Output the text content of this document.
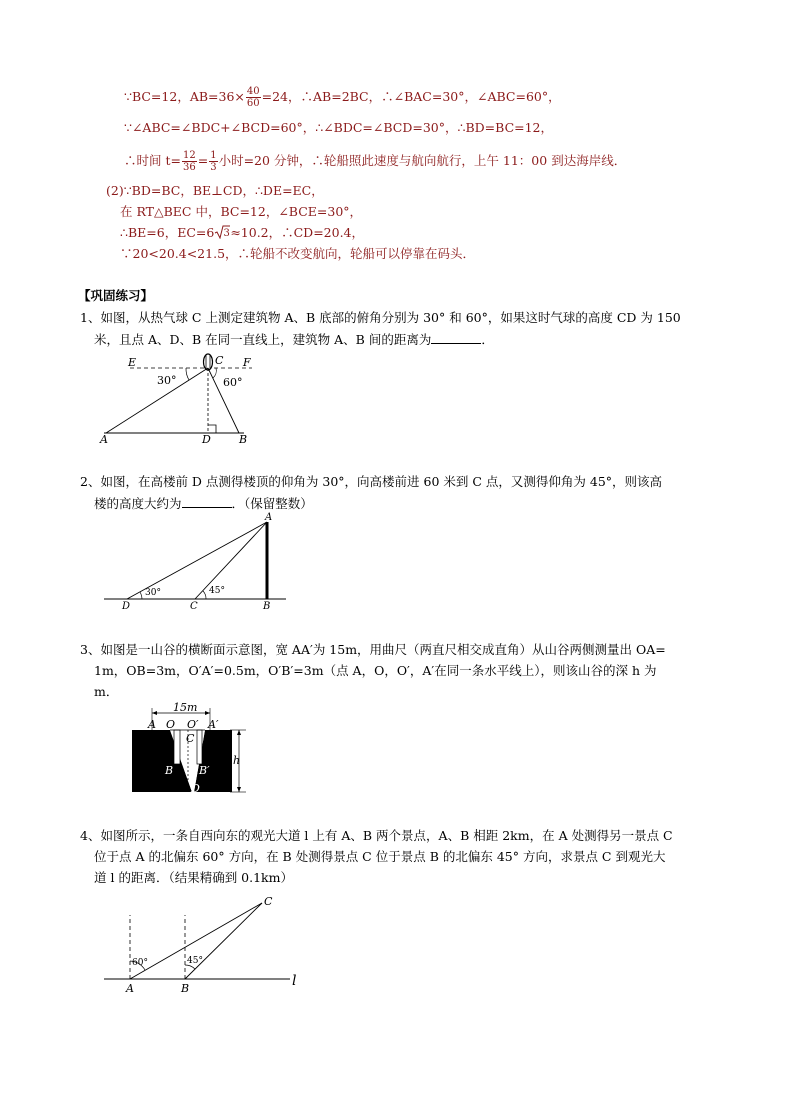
∵BC=12，$AB=36\times \frac{40}{60} =24$，∴AB=2BC，∴∠BAC=30°，∠ABC=60°，
∵∠ABC=∠BDC+∠BCD=60°，∴∠BDC=∠BCD=30°，∴BD=BC=12，
∴时间 $t= \frac{12}{36} = \frac{1}{3}$ 小时=20 分钟，∴轮船照此速度与航向航行，上午 11：00 到达海岸线．
(2)∵BD=BC，BE⊥CD，∴DE=EC，
在 RT△BEC 中，BC=12，∠BCE=30°，
∴BE=6，EC=6 3 ≈10.2，∴CD=20.4，
∵20<20.4<21.5，∴轮船不改变航向，轮船可以停靠在码头．
【巩固练习】
1、如图，从热气球 C 上测定建筑物 A、B 底部的俯角分别为 30° 和 60°，如果这时气球的高度 CD 为 150
米，且点 A、D、B 在同一直线上，建筑物 A、B 间的距离为	．
E	C F
30°	60°
A	D	B
2、如图，在高楼前 D 点测得楼顶的仰角为 30°，向高楼前进 60 米到 C 点，又测得仰角为 45°，则该高
楼的高度大约为	．（保留整数）
A
30°	45°
D	C	B
3、如图是一山谷的横断面示意图，宽 AA′为 15m，用曲尺（两直尺相交成直角）从山谷两侧测量出 OA=
1m，OB=3m，O′A′=0.5m，O′B′=3m（点 A，O，O′，A′在同一条水平线上），则该山谷的深 h 为
m．
15m
A O O′ A′
C
B B′
D
h
4、如图所示，一条自西向东的观光大道 l 上有 A、B 两个景点，A、B 相距 2km，在 A 处测得另一景点 C
位于点 A 的北偏东 60° 方向，在 B 处测得景点 C 位于景点 B 的北偏东 45° 方向，求景点 C 到观光大
道 l 的距离．（结果精确到 0.1km）
C
60°	45°
A	B	l
